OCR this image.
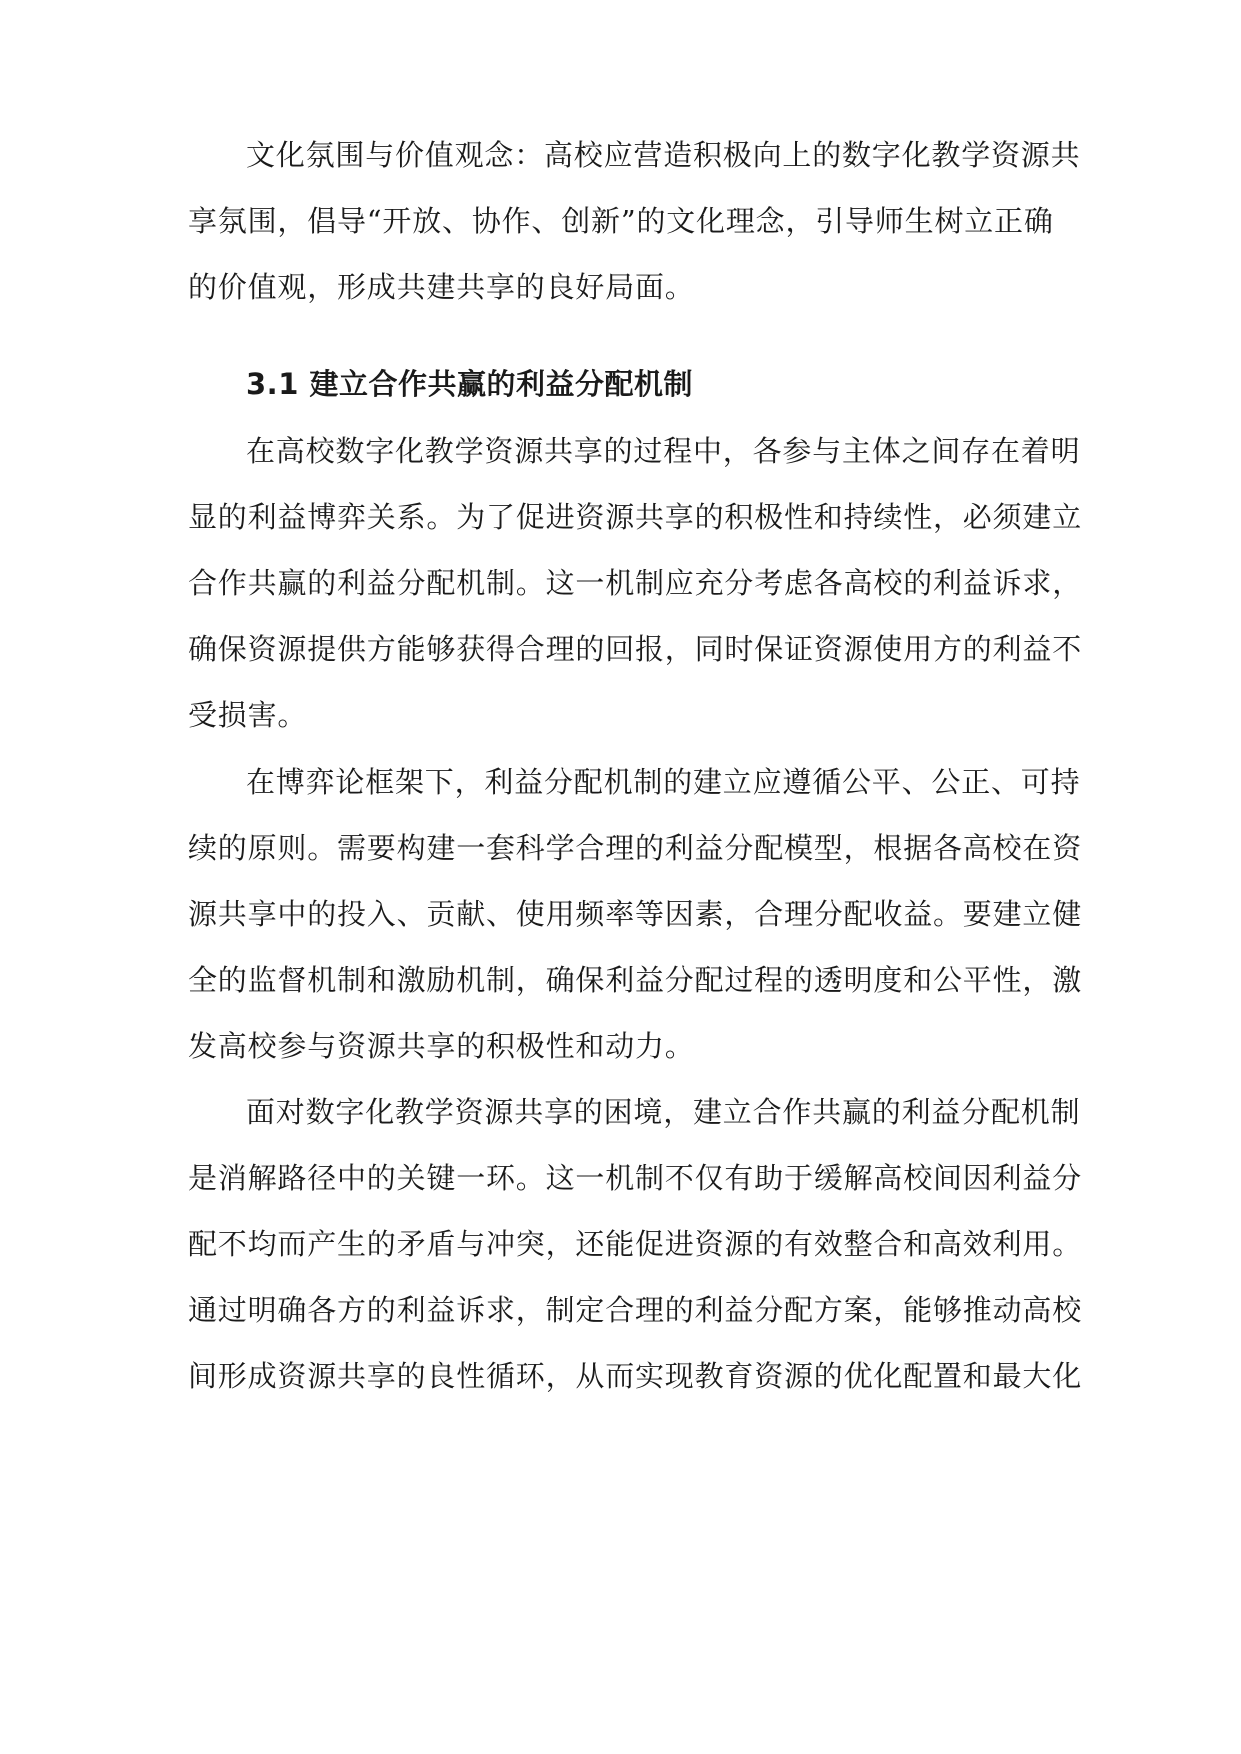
文化氛围与价值观念：高校应营造积极向上的数字化教学资源共
享氛围，倡导“开放、协作、创新”的文化理念，引导师生树立正确
的价值观，形成共建共享的良好局面。
3.1 建立合作共赢的利益分配机制
在高校数字化教学资源共享的过程中，各参与主体之间存在着明
显的利益博弈关系。为了促进资源共享的积极性和持续性，必须建立
合作共赢的利益分配机制。这一机制应充分考虑各高校的利益诉求，
确保资源提供方能够获得合理的回报，同时保证资源使用方的利益不
受损害。
在博弈论框架下，利益分配机制的建立应遵循公平、公正、可持
续的原则。需要构建一套科学合理的利益分配模型，根据各高校在资
源共享中的投入、贡献、使用频率等因素，合理分配收益。要建立健
全的监督机制和激励机制，确保利益分配过程的透明度和公平性，激
发高校参与资源共享的积极性和动力。
面对数字化教学资源共享的困境，建立合作共赢的利益分配机制
是消解路径中的关键一环。这一机制不仅有助于缓解高校间因利益分
配不均而产生的矛盾与冲突，还能促进资源的有效整合和高效利用。
通过明确各方的利益诉求，制定合理的利益分配方案，能够推动高校
间形成资源共享的良性循环，从而实现教育资源的优化配置和最大化
